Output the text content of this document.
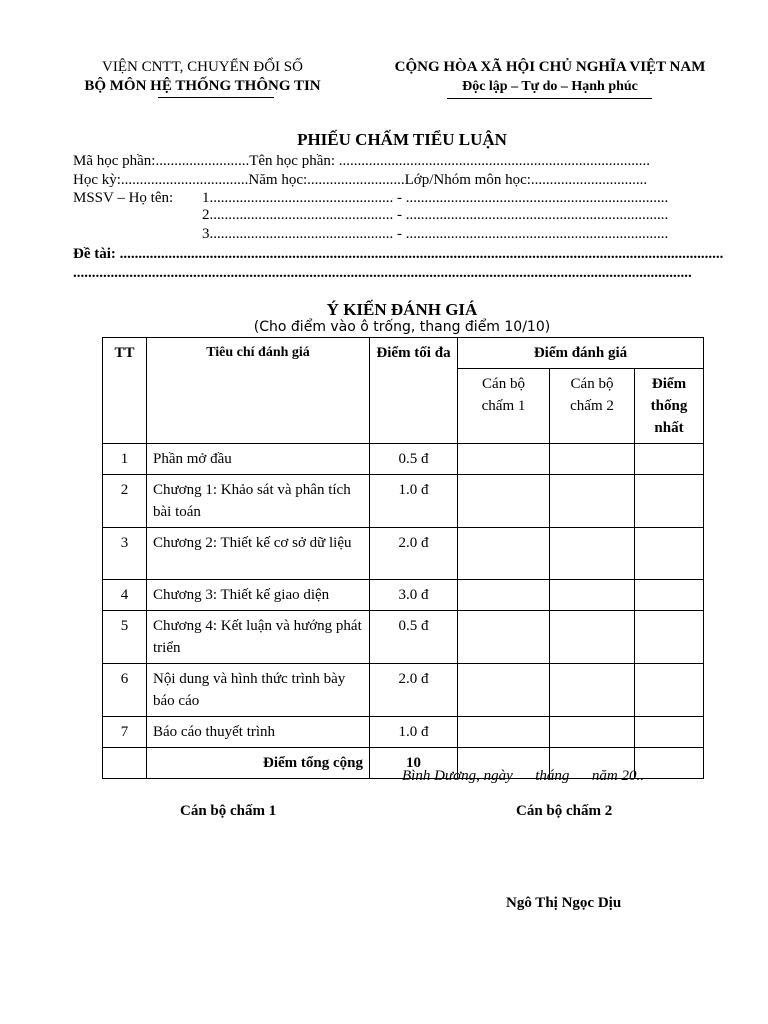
VIỆN CNTT, CHUYỂN ĐỔI SỐ
BỘ MÔN HỆ THỐNG THÔNG TIN
CỘNG HÒA XÃ HỘI CHỦ NGHĨA VIỆT NAM
Độc lập – Tự do – Hạnh phúc
PHIẾU CHẤM TIỂU LUẬN
Mã học phần:.........................Tên học phần: ...................................................................................
Học kỳ:..................................Năm học:..........................Lớp/Nhóm môn học:...............................
MSSV – Họ tên:	1................................................. - ......................................................................
2................................................. - ......................................................................
3................................................. - ......................................................................
Đề tài: .................................................................................................................................................................
.....................................................................................................................................................................
Ý KIẾN ĐÁNH GIÁ
(Cho điểm vào ô trống, thang điểm 10/10)
TT	Tiêu chí đánh giá	Điểm tối đa	Điểm đánh giá		
			Cán bộ chấm 1	Cán bộ chấm 2	Điểm thống nhất
1	Phần mở đầu	0.5 đ			
2	Chương 1: Khảo sát và phân tích bài toán	1.0 đ			
3	Chương 2: Thiết kế cơ sở dữ liệu	2.0 đ			
4	Chương 3: Thiết kế giao diện	3.0 đ			
5	Chương 4: Kết luận và hướng phát triển	0.5 đ			
6	Nội dung và hình thức trình bày báo cáo	2.0 đ			
7	Báo cáo thuyết trình	1.0 đ			
	Điểm tổng cộng	10			
Bình Dương, ngày      tháng      năm 20..
Cán bộ chấm 1	Cán bộ chấm 2
Ngô Thị Ngọc Dịu
